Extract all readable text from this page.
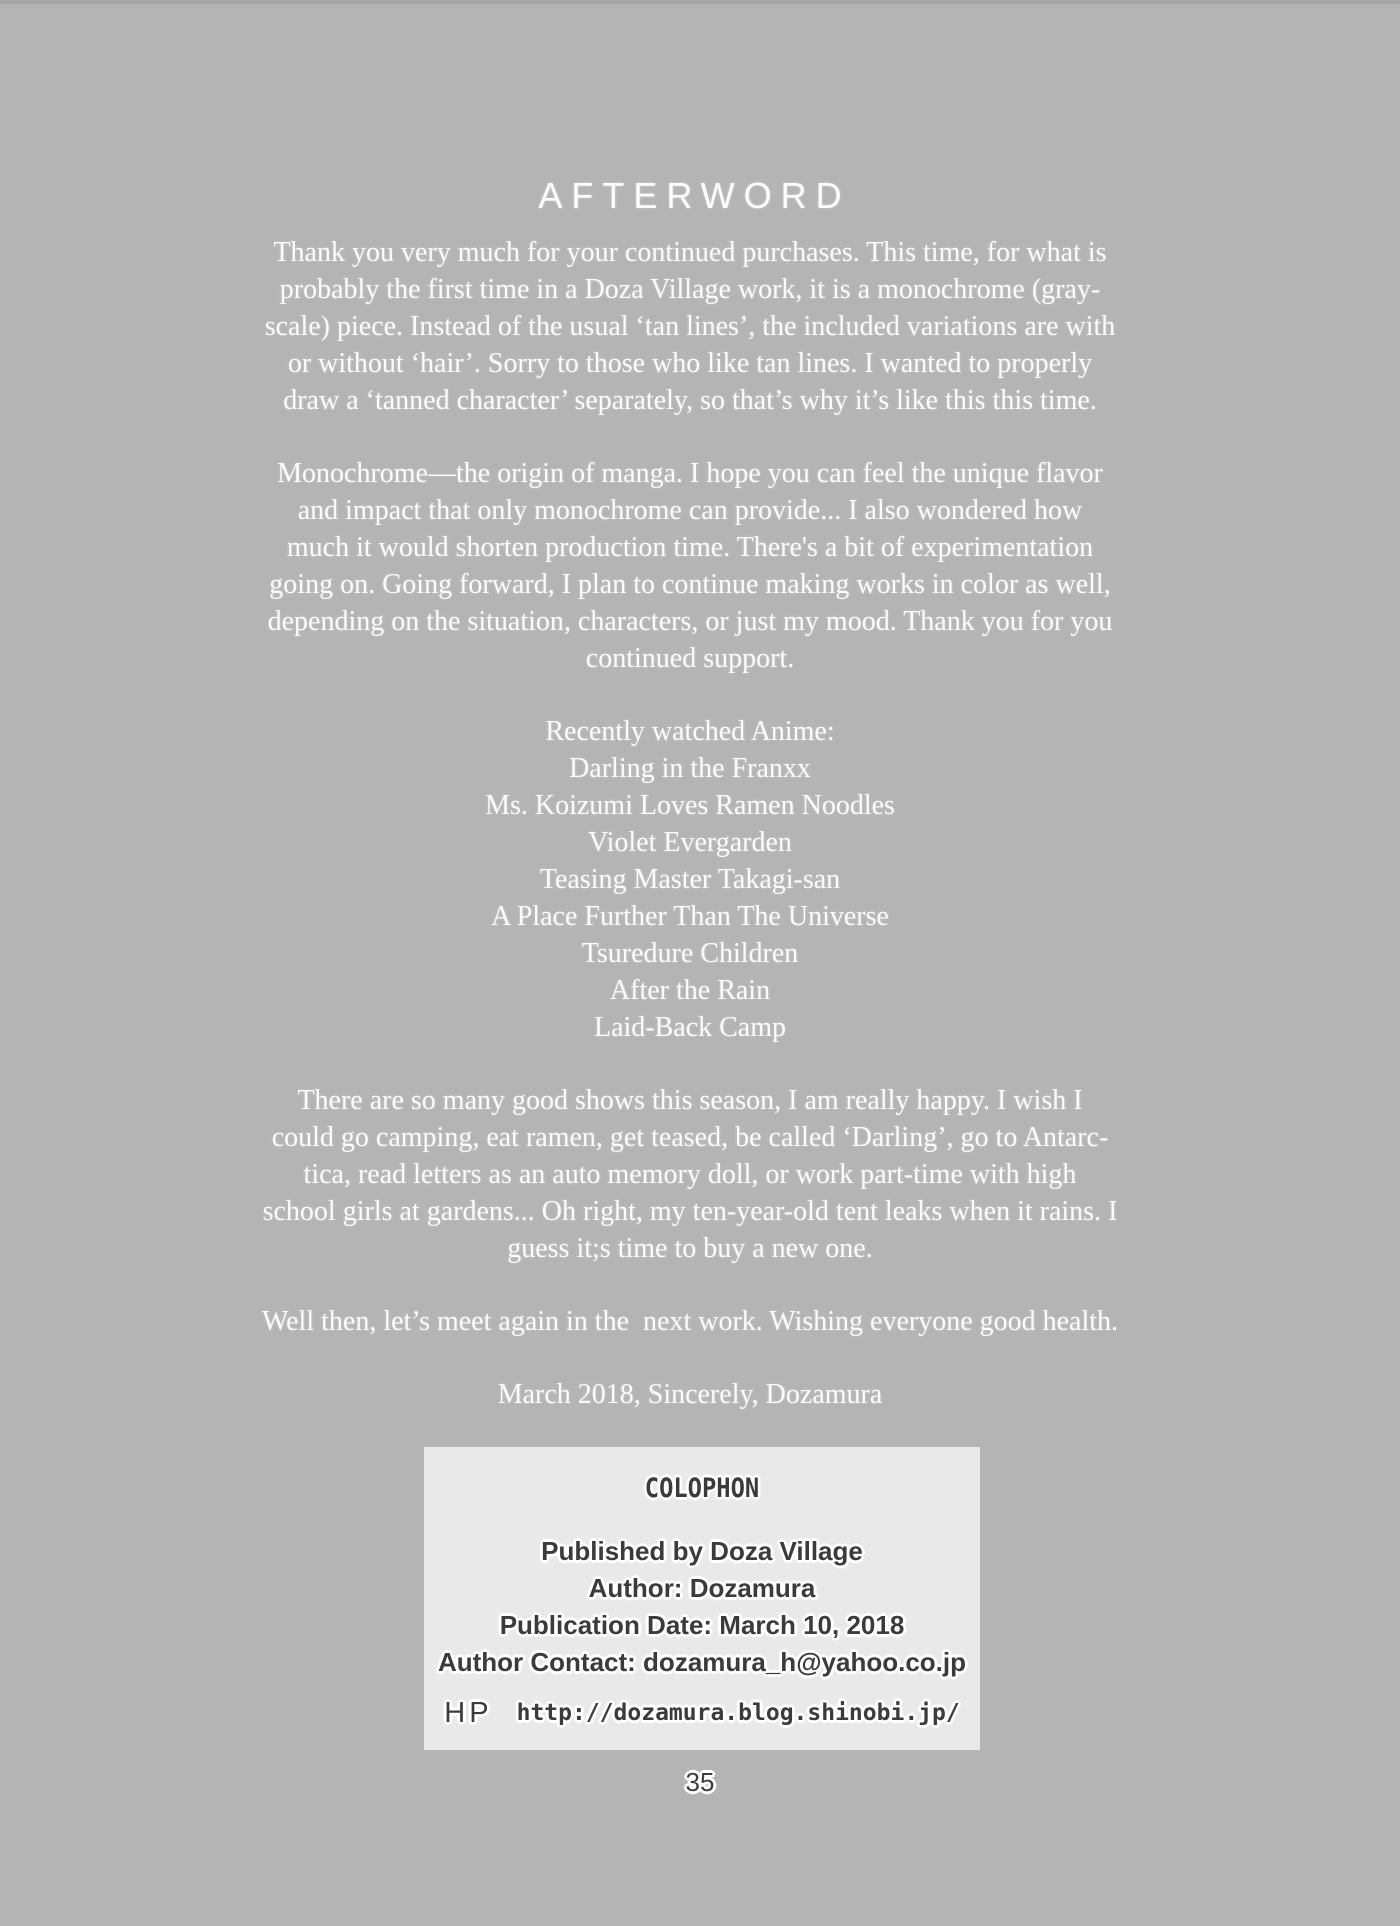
AFTERWORD
Thank you very much for your continued purchases. This time, for what is
probably the first time in a Doza Village work, it is a monochrome (gray-
scale) piece. Instead of the usual ‘tan lines’, the included variations are with
or without ‘hair’. Sorry to those who like tan lines. I wanted to properly
draw a ‘tanned character’ separately, so that’s why it’s like this this time.
Monochrome—the origin of manga. I hope you can feel the unique flavor
and impact that only monochrome can provide... I also wondered how
much it would shorten production time. There's a bit of experimentation
going on. Going forward, I plan to continue making works in color as well,
depending on the situation, characters, or just my mood. Thank you for you
continued support.
Recently watched Anime:
Darling in the Franxx
Ms. Koizumi Loves Ramen Noodles
Violet Evergarden
Teasing Master Takagi-san
A Place Further Than The Universe
Tsuredure Children
After the Rain
Laid-Back Camp
There are so many good shows this season, I am really happy. I wish I
could go camping, eat ramen, get teased, be called ‘Darling’, go to Antarc-
tica, read letters as an auto memory doll, or work part-time with high
school girls at gardens... Oh right, my ten-year-old tent leaks when it rains. I
guess it;s time to buy a new one.
Well then, let’s meet again in the  next work. Wishing everyone good health.
March 2018, Sincerely, Dozamura
COLOPHON
Published by Doza Village
Author: Dozamura
Publication Date: March 10, 2018
Author Contact: dozamura_h@yahoo.co.jp
HP http://dozamura.blog.shinobi.jp/
35
